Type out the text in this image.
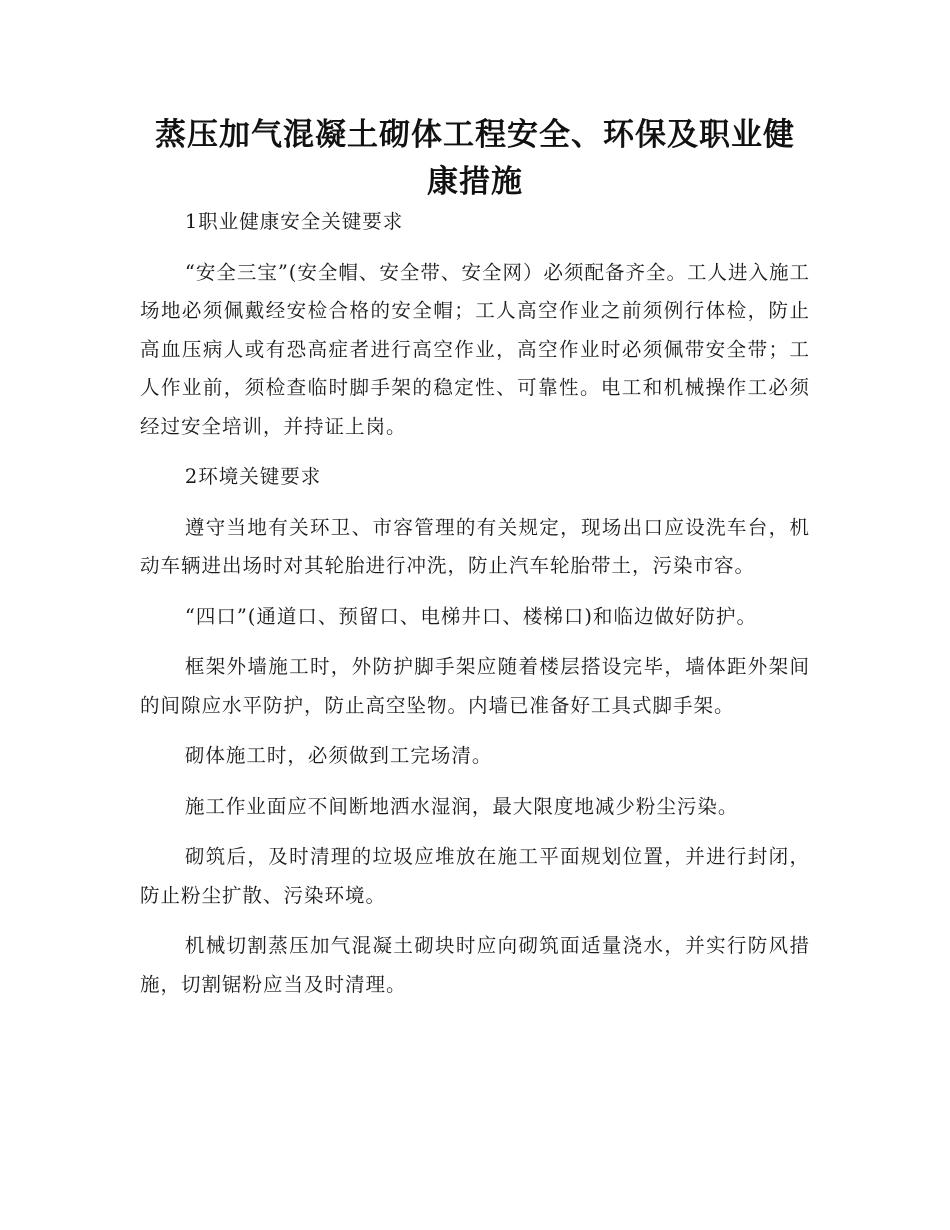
蒸压加气混凝土砌体工程安全、环保及职业健康措施

1职业健康安全关键要求

“安全三宝”(安全帽、安全带、安全网）必须配备齐全。工人进入施工场地必须佩戴经安检合格的安全帽；工人高空作业之前须例行体检，防止高血压病人或有恐高症者进行高空作业，高空作业时必须佩带安全带；工人作业前，须检查临时脚手架的稳定性、可靠性。电工和机械操作工必须经过安全培训，并持证上岗。

2环境关键要求

遵守当地有关环卫、市容管理的有关规定，现场出口应设洗车台，机动车辆进出场时对其轮胎进行冲洗，防止汽车轮胎带土，污染市容。

“四口”(通道口、预留口、电梯井口、楼梯口)和临边做好防护。

框架外墙施工时，外防护脚手架应随着楼层搭设完毕，墙体距外架间的间隙应水平防护，防止高空坠物。内墙已准备好工具式脚手架。

砌体施工时，必须做到工完场清。

施工作业面应不间断地洒水湿润，最大限度地减少粉尘污染。

砌筑后，及时清理的垃圾应堆放在施工平面规划位置，并进行封闭，防止粉尘扩散、污染环境。

机械切割蒸压加气混凝土砌块时应向砌筑面适量浇水，并实行防风措施，切割锯粉应当及时清理。
